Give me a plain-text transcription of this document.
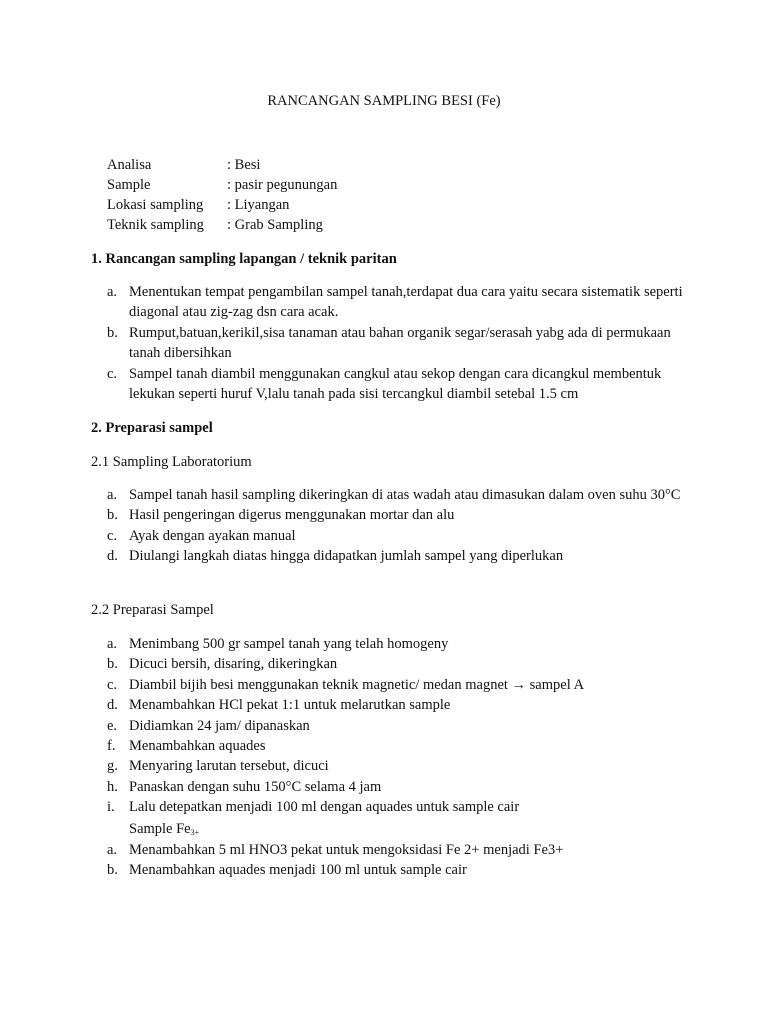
RANCANGAN SAMPLING BESI (Fe)
Analisa	: Besi
Sample	: pasir pegunungan
Lokasi sampling	: Liyangan
Teknik sampling	: Grab Sampling
1. Rancangan sampling lapangan / teknik paritan
a. Menentukan tempat pengambilan sampel tanah,terdapat dua cara yaitu secara sistematik seperti diagonal atau zig-zag dsn cara acak.
b. Rumput,batuan,kerikil,sisa tanaman atau bahan organik segar/serasah yabg ada di permukaan tanah dibersihkan
c. Sampel tanah diambil menggunakan cangkul atau sekop dengan cara dicangkul membentuk lekukan seperti huruf V,lalu tanah pada sisi tercangkul diambil setebal 1.5 cm
2. Preparasi sampel
2.1 Sampling Laboratorium
a. Sampel tanah hasil sampling dikeringkan di atas wadah atau dimasukan dalam oven suhu 30°C
b. Hasil pengeringan digerus menggunakan mortar dan alu
c. Ayak dengan ayakan manual
d. Diulangi langkah diatas hingga didapatkan jumlah sampel yang diperlukan
2.2 Preparasi Sampel
a. Menimbang 500 gr sampel tanah yang telah homogeny
b. Dicuci bersih, disaring, dikeringkan
c. Diambil bijih besi menggunakan teknik magnetic/ medan magnet → sampel A
d. Menambahkan HCl pekat 1:1 untuk melarutkan sample
e. Didiamkan 24 jam/ dipanaskan
f. Menambahkan aquades
g. Menyaring larutan tersebut, dicuci
h. Panaskan dengan suhu 150°C selama 4 jam
i. Lalu detepatkan menjadi 100 ml dengan aquades untuk sample cair
Sample $Fe_{3+}$
a. Menambahkan 5 ml HNO3 pekat untuk mengoksidasi Fe 2+ menjadi Fe3+
b. Menambahkan aquades menjadi 100 ml untuk sample cair
